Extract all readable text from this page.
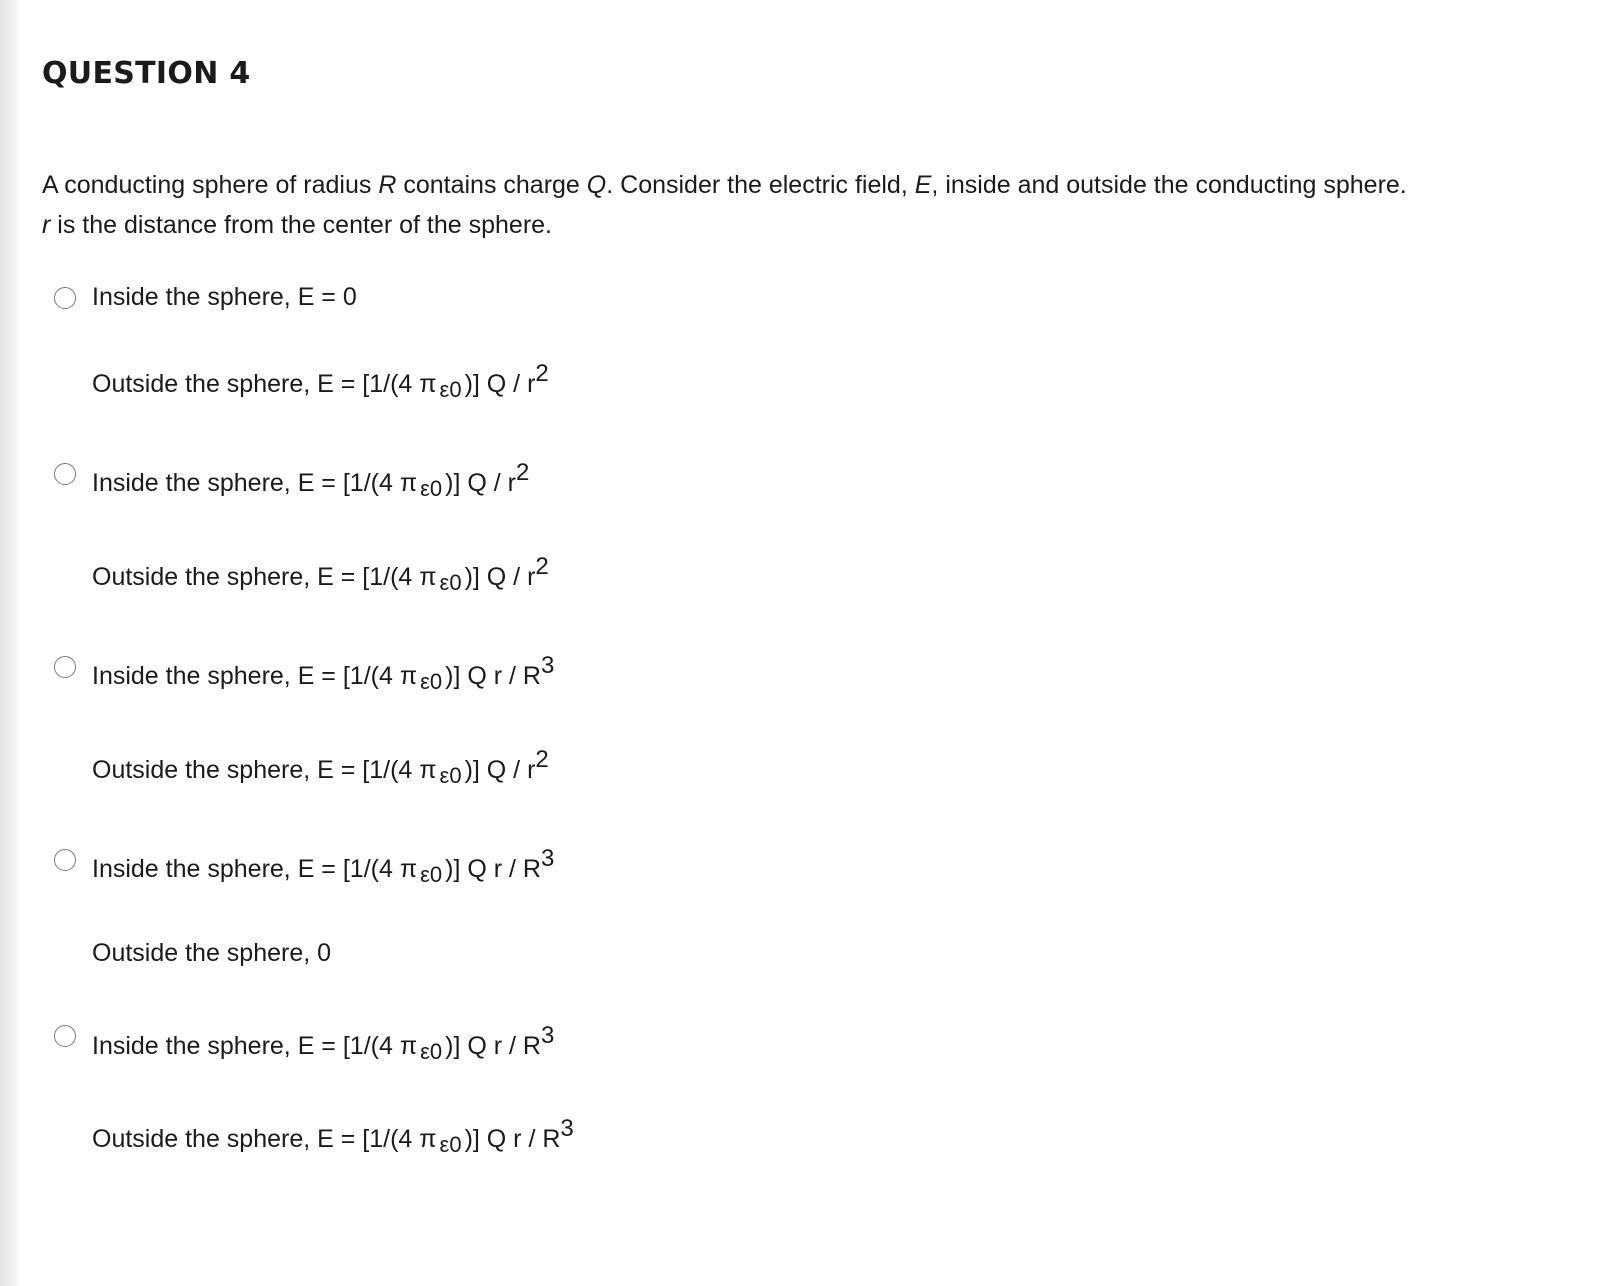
QUESTION 4
A conducting sphere of radius R contains charge Q. Consider the electric field, E, inside and outside the conducting sphere.
r is the distance from the center of the sphere.
Inside the sphere, E = 0
Outside the sphere, E = [1/(4 π ε0 )] Q / r2
Inside the sphere, E = [1/(4 π ε0 )] Q / r2
Outside the sphere, E = [1/(4 π ε0 )] Q / r2
Inside the sphere, E = [1/(4 π ε0 )] Q r / R3
Outside the sphere, E = [1/(4 π ε0 )] Q / r2
Inside the sphere, E = [1/(4 π ε0 )] Q r / R3
Outside the sphere, 0
Inside the sphere, E = [1/(4 π ε0 )] Q r / R3
Outside the sphere, E = [1/(4 π ε0 )] Q r / R3
